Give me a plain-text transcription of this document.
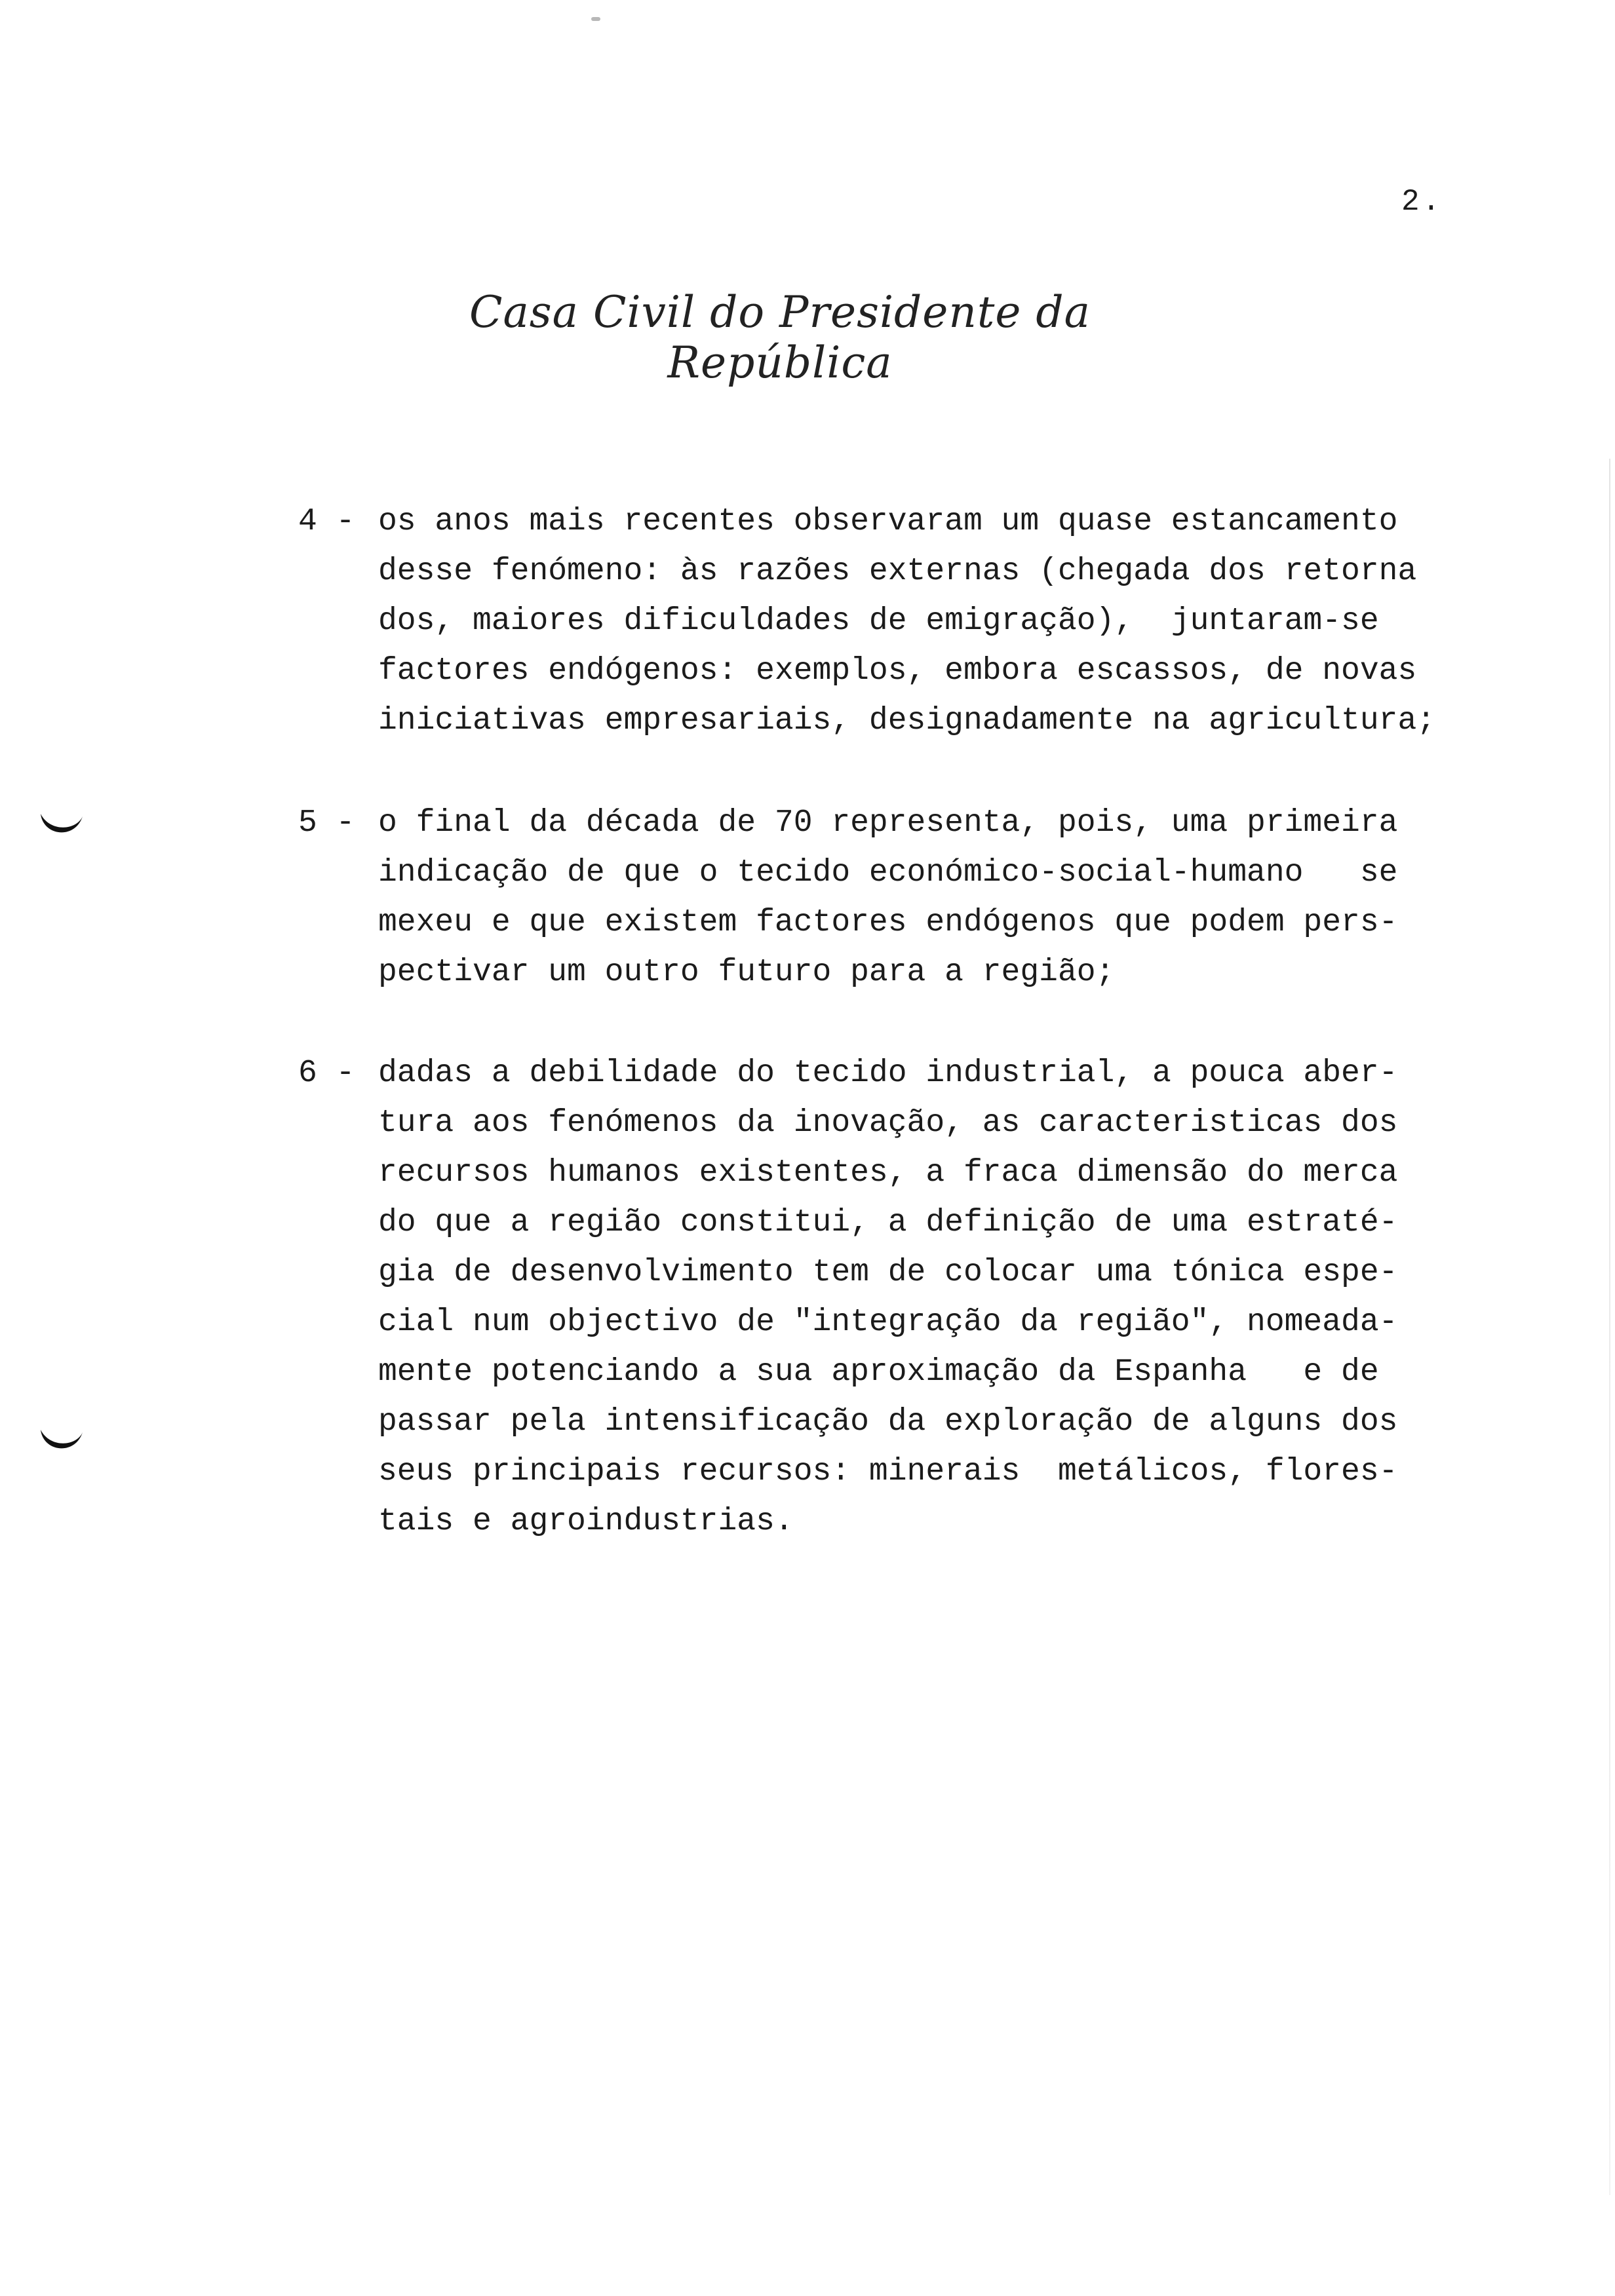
2.
Casa Civil do Presidente da República
4 - os anos mais recentes observaram um quase estancamento
desse fenómeno: às razões externas (chegada dos retorna
dos, maiores dificuldades de emigração),  juntaram-se
factores endógenos: exemplos, embora escassos, de novas
iniciativas empresariais, designadamente na agricultura;
5 - o final da década de 70 representa, pois, uma primeira
indicação de que o tecido económico-social-humano   se
mexeu e que existem factores endógenos que podem pers-
pectivar um outro futuro para a região;
6 - dadas a debilidade do tecido industrial, a pouca aber-
tura aos fenómenos da inovação, as caracteristicas dos
recursos humanos existentes, a fraca dimensão do merca
do que a região constitui, a definição de uma estraté-
gia de desenvolvimento tem de colocar uma tónica espe-
cial num objectivo de "integração da região", nomeada-
mente potenciando a sua aproximação da Espanha   e de
passar pela intensificação da exploração de alguns dos
seus principais recursos: minerais  metálicos, flores-
tais e agroindustrias.
